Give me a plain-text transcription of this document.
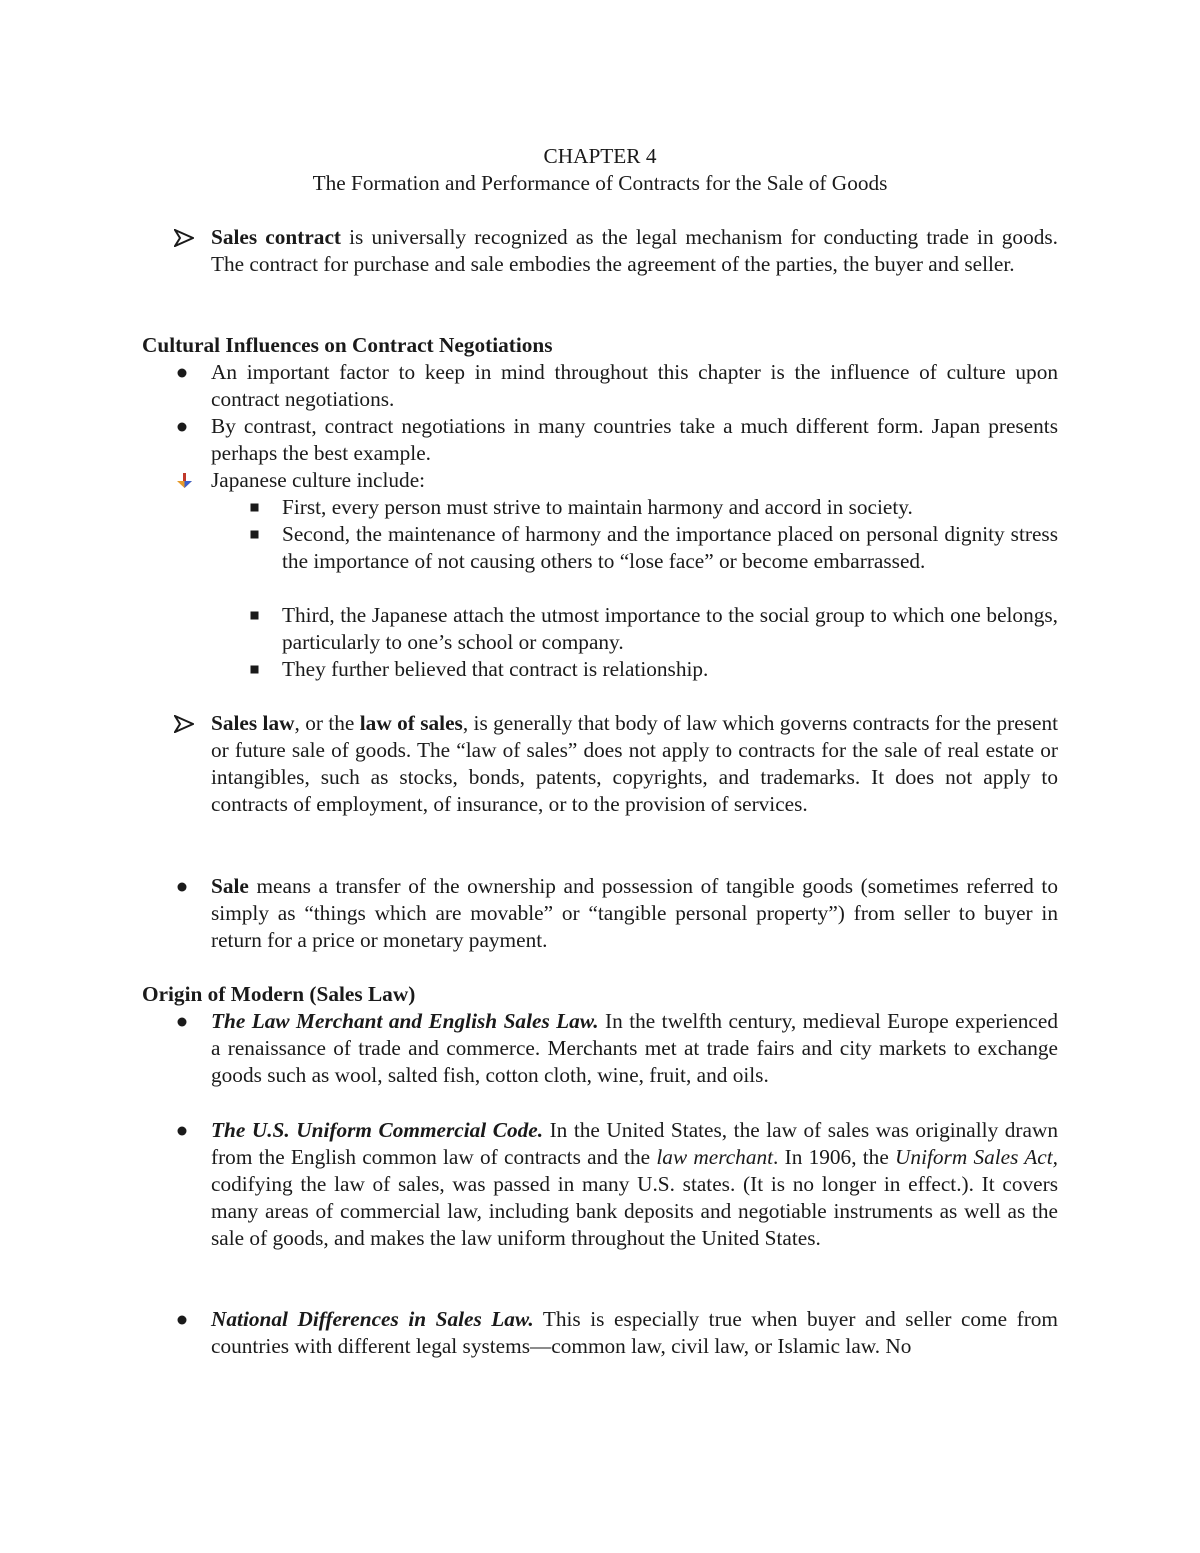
CHAPTER 4
The Formation and Performance of Contracts for the Sale of Goods
Sales contract is universally recognized as the legal mechanism for conducting trade in goods. The contract for purchase and sale embodies the agreement of the parties, the buyer and seller.
Cultural Influences on Contract Negotiations
An important factor to keep in mind throughout this chapter is the influence of culture upon contract negotiations.
By contrast, contract negotiations in many countries take a much different form. Japan presents perhaps the best example.
Japanese culture include:
First, every person must strive to maintain harmony and accord in society.
Second, the maintenance of harmony and the importance placed on personal dignity stress the importance of not causing others to “lose face” or become embarrassed.
Third, the Japanese attach the utmost importance to the social group to which one belongs, particularly to one’s school or company.
They further believed that contract is relationship.
Sales law, or the law of sales, is generally that body of law which governs contracts for the present or future sale of goods. The “law of sales” does not apply to contracts for the sale of real estate or intangibles, such as stocks, bonds, patents, copyrights, and trademarks. It does not apply to contracts of employment, of insurance, or to the provision of services.
Sale means a transfer of the ownership and possession of tangible goods (sometimes referred to simply as “things which are movable” or “tangible personal property”) from seller to buyer in return for a price or monetary payment.
Origin of Modern (Sales Law)
The Law Merchant and English Sales Law. In the twelfth century, medieval Europe experienced a renaissance of trade and commerce. Merchants met at trade fairs and city markets to exchange goods such as wool, salted fish, cotton cloth, wine, fruit, and oils.
The U.S. Uniform Commercial Code. In the United States, the law of sales was originally drawn from the English common law of contracts and the law merchant. In 1906, the Uniform Sales Act, codifying the law of sales, was passed in many U.S. states. (It is no longer in effect.). It covers many areas of commercial law, including bank deposits and negotiable instruments as well as the sale of goods, and makes the law uniform throughout the United States.
National Differences in Sales Law. This is especially true when buyer and seller come from countries with different legal systems—common law, civil law, or Islamic law. No
